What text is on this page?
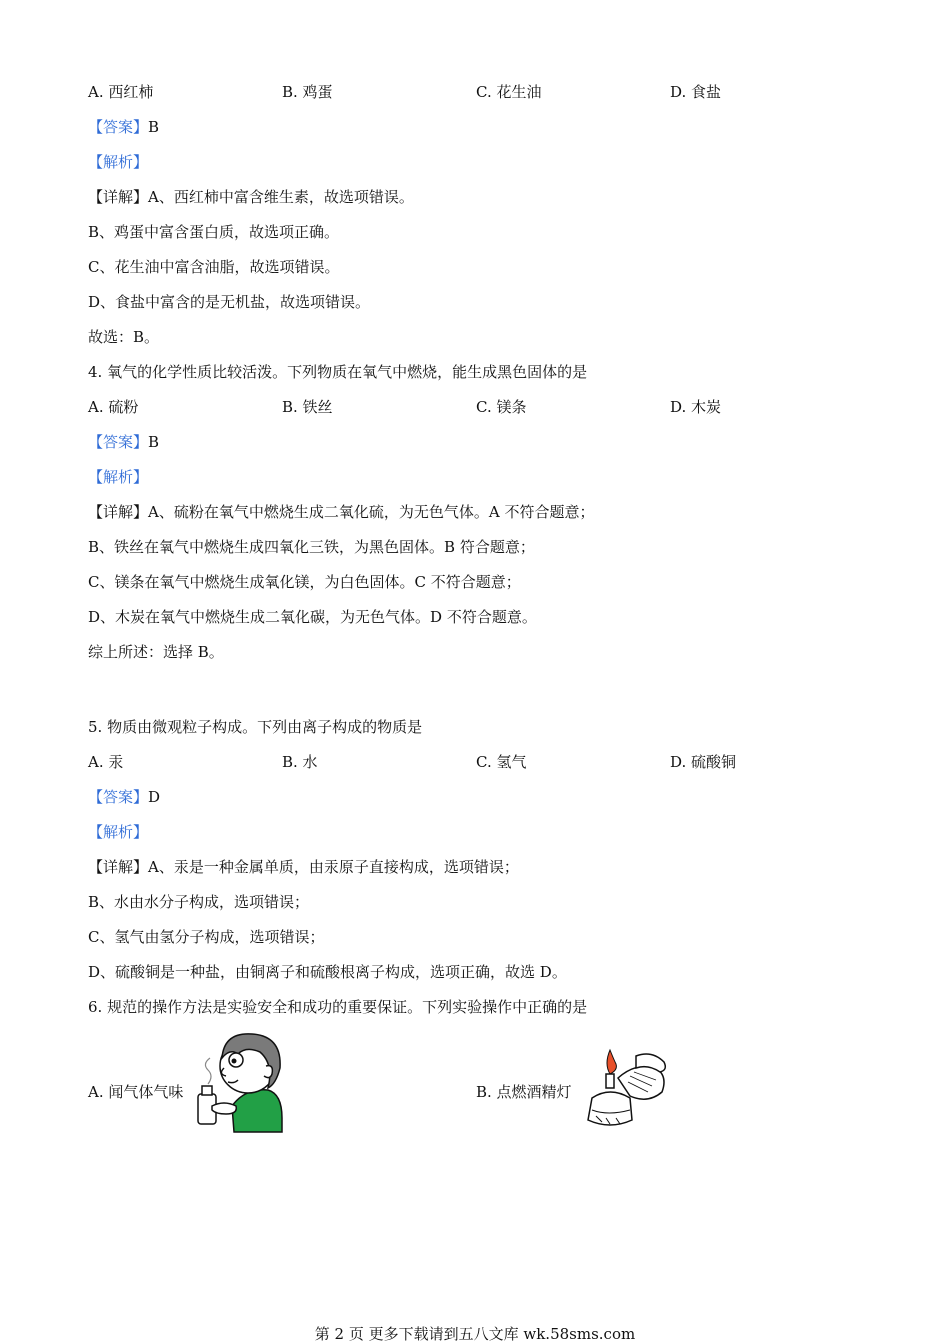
A. 西红柿	B. 鸡蛋	C. 花生油	D. 食盐
【答案】B
【解析】
【详解】A、西红柿中富含维生素，故选项错误。
B、鸡蛋中富含蛋白质，故选项正确。
C、花生油中富含油脂，故选项错误。
D、食盐中富含的是无机盐，故选项错误。
故选：B。
4. 氧气的化学性质比较活泼。下列物质在氧气中燃烧，能生成黑色固体的是
A. 硫粉	B. 铁丝	C. 镁条	D. 木炭
【答案】B
【解析】
【详解】A、硫粉在氧气中燃烧生成二氧化硫，为无色气体。A 不符合题意；
B、铁丝在氧气中燃烧生成四氧化三铁，为黑色固体。B 符合题意；
C、镁条在氧气中燃烧生成氧化镁，为白色固体。C 不符合题意；
D、木炭在氧气中燃烧生成二氧化碳，为无色气体。D 不符合题意。
综上所述：选择 B。
5. 物质由微观粒子构成。下列由离子构成的物质是
A. 汞	B. 水	C. 氢气	D. 硫酸铜
【答案】D
【解析】
【详解】A、汞是一种金属单质，由汞原子直接构成，选项错误；
B、水由水分子构成，选项错误；
C、氢气由氢分子构成，选项错误；
D、硫酸铜是一种盐，由铜离子和硫酸根离子构成，选项正确，故选 D。
6. 规范的操作方法是实验安全和成功的重要保证。下列实验操作中正确的是
A. 闻气体气味	B. 点燃酒精灯
第 2 页 更多下载请到五八文库 wk.58sms.com
